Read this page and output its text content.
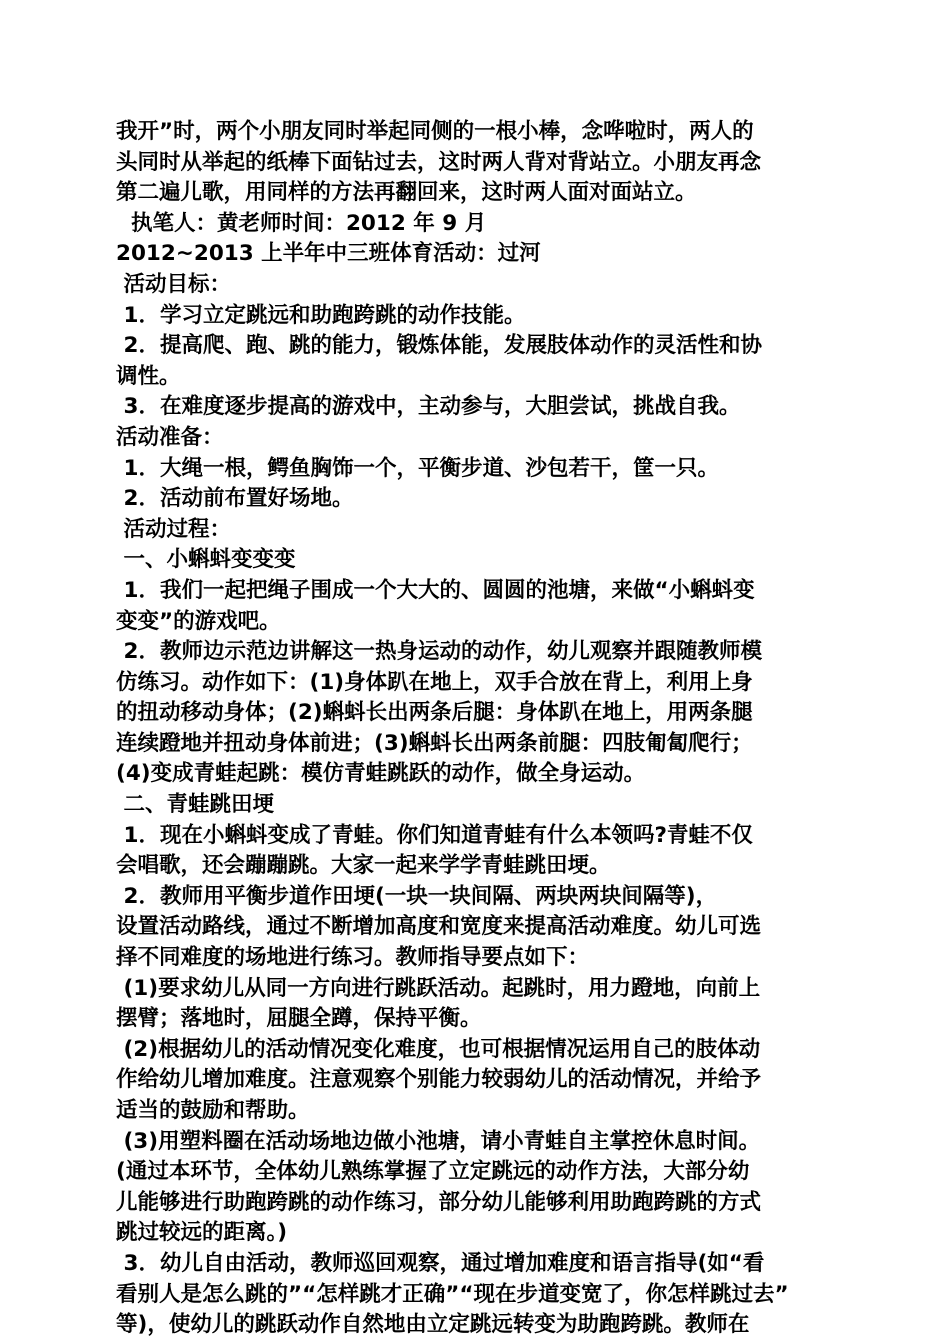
我开”时，两个小朋友同时举起同侧的一根小棒，念哗啦时，两人的
头同时从举起的纸棒下面钻过去，这时两人背对背站立。小朋友再念
第二遍儿歌，用同样的方法再翻回来，这时两人面对面站立。
执笔人：黄老师时间：2012 年 9 月
2012~2013 上半年中三班体育活动：过河
活动目标：
1．学习立定跳远和助跑跨跳的动作技能。
2．提高爬、跑、跳的能力，锻炼体能，发展肢体动作的灵活性和协
调性。
3．在难度逐步提高的游戏中，主动参与，大胆尝试，挑战自我。
活动准备：
1．大绳一根，鳄鱼胸饰一个，平衡步道、沙包若干，筐一只。
2．活动前布置好场地。
活动过程：
一、小蝌蚪变变变
1．我们一起把绳子围成一个大大的、圆圆的池塘，来做“小蝌蚪变
变变”的游戏吧。
2．教师边示范边讲解这一热身运动的动作，幼儿观察并跟随教师模
仿练习。动作如下：(1)身体趴在地上，双手合放在背上，利用上身
的扭动移动身体；(2)蝌蚪长出两条后腿：身体趴在地上，用两条腿
连续蹬地并扭动身体前进；(3)蝌蚪长出两条前腿：四肢匍匐爬行；
(4)变成青蛙起跳：模仿青蛙跳跃的动作，做全身运动。
二、青蛙跳田埂
1．现在小蝌蚪变成了青蛙。你们知道青蛙有什么本领吗?青蛙不仅
会唱歌，还会蹦蹦跳。大家一起来学学青蛙跳田埂。
2．教师用平衡步道作田埂(一块一块间隔、两块两块间隔等)，
设置活动路线，通过不断增加高度和宽度来提高活动难度。幼儿可选
择不同难度的场地进行练习。教师指导要点如下：
(1)要求幼儿从同一方向进行跳跃活动。起跳时，用力蹬地，向前上
摆臂；落地时，屈腿全蹲，保持平衡。
(2)根据幼儿的活动情况变化难度，也可根据情况运用自己的肢体动
作给幼儿增加难度。注意观察个别能力较弱幼儿的活动情况，并给予
适当的鼓励和帮助。
(3)用塑料圈在活动场地边做小池塘，请小青蛙自主掌控休息时间。
(通过本环节，全体幼儿熟练掌握了立定跳远的动作方法，大部分幼
儿能够进行助跑跨跳的动作练习，部分幼儿能够利用助跑跨跳的方式
跳过较远的距离。)
3．幼儿自由活动，教师巡回观察，通过增加难度和语言指导(如“看
看别人是怎么跳的”“怎样跳才正确”“现在步道变宽了，你怎样跳过去”
等)，使幼儿的跳跃动作自然地由立定跳远转变为助跑跨跳。教师在
